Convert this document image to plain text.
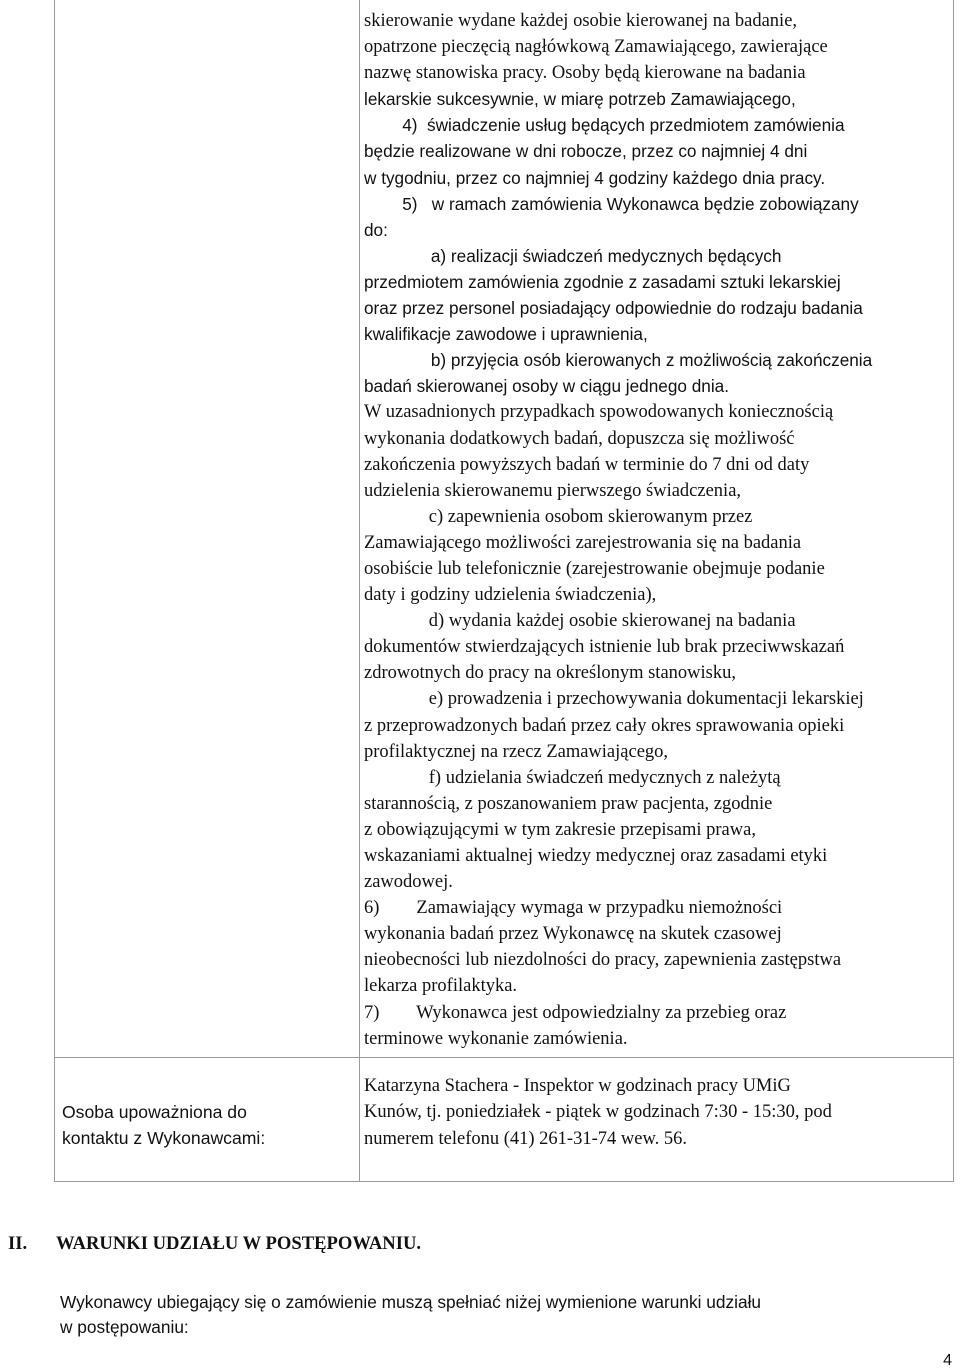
skierowanie wydane każdej osobie kierowanej na badanie,
opatrzone pieczęcią nagłówkową Zamawiającego, zawierające
nazwę stanowiska pracy. Osoby będą kierowane na badania
lekarskie sukcesywnie, w miarę potrzeb Zamawiającego,
4)  świadczenie usług będących przedmiotem zamówienia
będzie realizowane w dni robocze, przez co najmniej 4 dni
w tygodniu, przez co najmniej 4 godziny każdego dnia pracy.
5)   w ramach zamówienia Wykonawca będzie zobowiązany
do:
a) realizacji świadczeń medycznych będących
przedmiotem zamówienia zgodnie z zasadami sztuki lekarskiej
oraz przez personel posiadający odpowiednie do rodzaju badania
kwalifikacje zawodowe i uprawnienia,
b) przyjęcia osób kierowanych z możliwością zakończenia
badań skierowanej osoby w ciągu jednego dnia.
W uzasadnionych przypadkach spowodowanych koniecznością
wykonania dodatkowych badań, dopuszcza się możliwość
zakończenia powyższych badań w terminie do 7 dni od daty
udzielenia skierowanemu pierwszego świadczenia,
c) zapewnienia osobom skierowanym przez
Zamawiającego możliwości zarejestrowania się na badania
osobiście lub telefonicznie (zarejestrowanie obejmuje podanie
daty i godziny udzielenia świadczenia),
d) wydania każdej osobie skierowanej na badania
dokumentów stwierdzających istnienie lub brak przeciwwskazań
zdrowotnych do pracy na określonym stanowisku,
e) prowadzenia i przechowywania dokumentacji lekarskiej
z przeprowadzonych badań przez cały okres sprawowania opieki
profilaktycznej na rzecz Zamawiającego,
f) udzielania świadczeń medycznych z należytą
starannością, z poszanowaniem praw pacjenta, zgodnie
z obowiązującymi w tym zakresie przepisami prawa,
wskazaniami aktualnej wiedzy medycznej oraz zasadami etyki
zawodowej.
6)        Zamawiający wymaga w przypadku niemożności
wykonania badań przez Wykonawcę na skutek czasowej
nieobecności lub niezdolności do pracy, zapewnienia zastępstwa
lekarza profilaktyka.
7)        Wykonawca jest odpowiedzialny za przebieg oraz
terminowe wykonanie zamówienia.
Osoba upoważniona do
kontaktu z Wykonawcami:
Katarzyna Stachera - Inspektor w godzinach pracy UMiG
Kunów, tj. poniedziałek - piątek w godzinach 7:30 - 15:30, pod
numerem telefonu (41) 261-31-74 wew. 56.
II. WARUNKI UDZIAŁU W POSTĘPOWANIU.
Wykonawcy ubiegający się o zamówienie muszą spełniać niżej wymienione warunki udziału
w postępowaniu:
4
